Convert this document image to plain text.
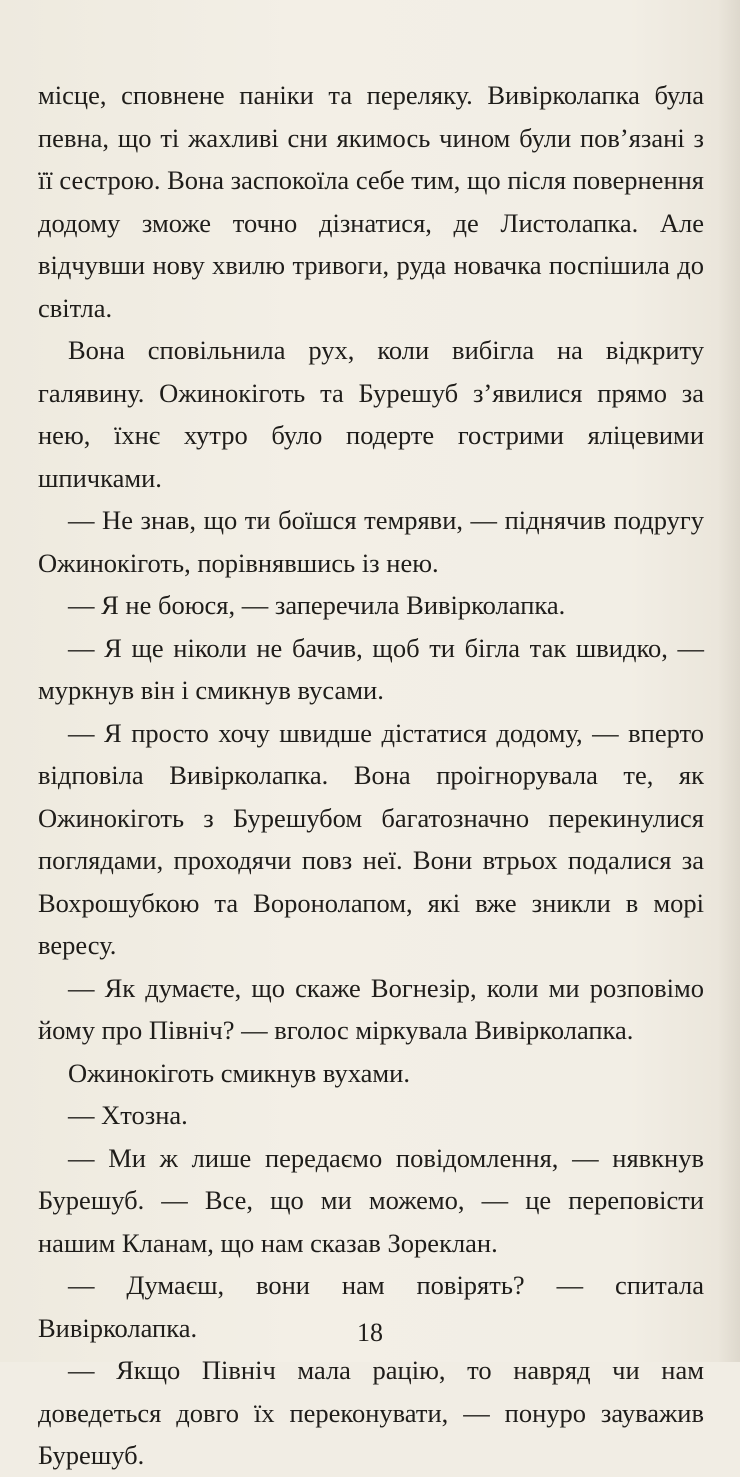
місце, сповнене паніки та переляку. Вивірколапка була певна, що ті жахливі сни якимось чином були пов’язані з її сестрою. Вона заспокоїла себе тим, що після повернення додому зможе точно дізнатися, де Листолапка. Але відчувши нову хвилю тривоги, руда новачка поспішила до світла.

Вона сповільнила рух, коли вибігла на відкриту галявину. Ожинокіготь та Бурешуб з’явилися прямо за нею, їхнє хутро було подерте гострими яліцевими шпичками.

— Не знав, що ти боїшся темряви, — піднячив подругу Ожинокіготь, порівнявшись із нею.

— Я не боюся, — заперечила Вивірколапка.

— Я ще ніколи не бачив, щоб ти бігла так швидко, — муркнув він і смикнув вусами.

— Я просто хочу швидше дістатися додому, — вперто відповіла Вивірколапка. Вона проігнорувала те, як Ожинокіготь з Бурешубом багатозначно перекинулися поглядами, проходячи повз неї. Вони втрьох подалися за Вохрошубкою та Воронолапом, які вже зникли в морі вересу.

— Як думаєте, що скаже Вогнезір, коли ми розповімо йому про Північ? — вголос міркувала Вивірколапка.

Ожинокіготь смикнув вухами.

— Хтозна.

— Ми ж лише передаємо повідомлення, — нявкнув Бурешуб. — Все, що ми можемо, — це переповісти нашим Кланам, що нам сказав Зореклан.

— Думаєш, вони нам повірять? — спитала Вивірколапка.

— Якщо Північ мала рацію, то навряд чи нам доведеться довго їх переконувати, — понуро зауважив Бурешуб.

18
